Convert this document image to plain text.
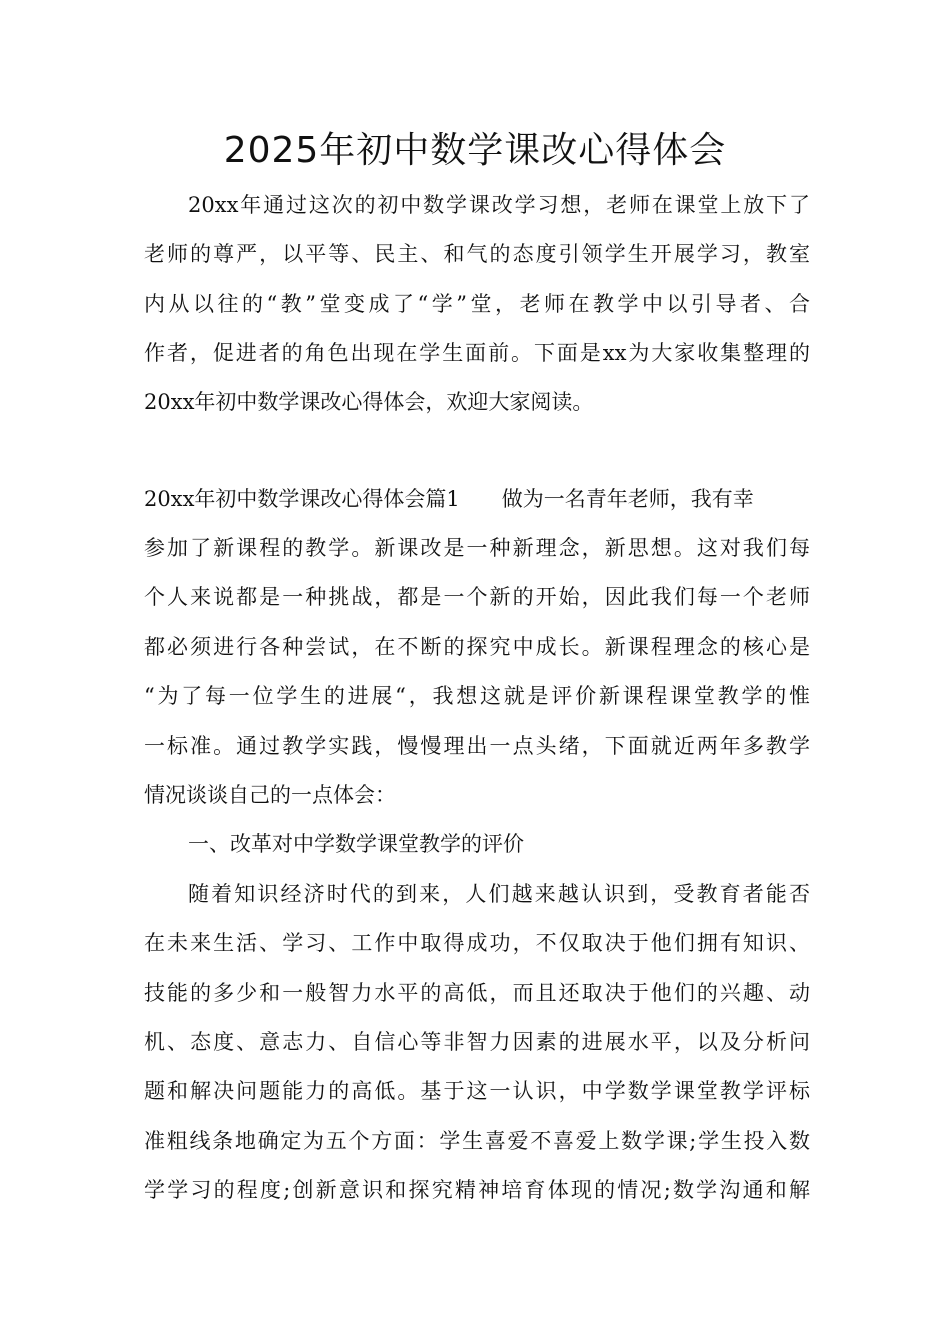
2025年初中数学课改心得体会

20xx年通过这次的初中数学课改学习想，老师在课堂上放下了

老师的尊严，以平等、民主、和气的态度引领学生开展学习，教室

内从以往的“教”堂变成了“学”堂，老师在教学中以引导者、合

作者，促进者的角色出现在学生面前。下面是xx为大家收集整理的

20xx年初中数学课改心得体会，欢迎大家阅读。

20xx年初中数学课改心得体会篇1 做为一名青年老师，我有幸

参加了新课程的教学。新课改是一种新理念，新思想。这对我们每

个人来说都是一种挑战，都是一个新的开始，因此我们每一个老师

都必须进行各种尝试，在不断的探究中成长。新课程理念的核心是

“为了每一位学生的进展“，我想这就是评价新课程课堂教学的惟

一标准。通过教学实践，慢慢理出一点头绪，下面就近两年多教学

情况谈谈自己的一点体会：

一、改革对中学数学课堂教学的评价

随着知识经济时代的到来，人们越来越认识到，受教育者能否

在未来生活、学习、工作中取得成功，不仅取决于他们拥有知识、

技能的多少和一般智力水平的高低，而且还取决于他们的兴趣、动

机、态度、意志力、自信心等非智力因素的进展水平，以及分析问

题和解决问题能力的高低。基于这一认识，中学数学课堂教学评标

准粗线条地确定为五个方面：学生喜爱不喜爱上数学课;学生投入数

学学习的程度;创新意识和探究精神培育体现的情况;数学沟通和解
